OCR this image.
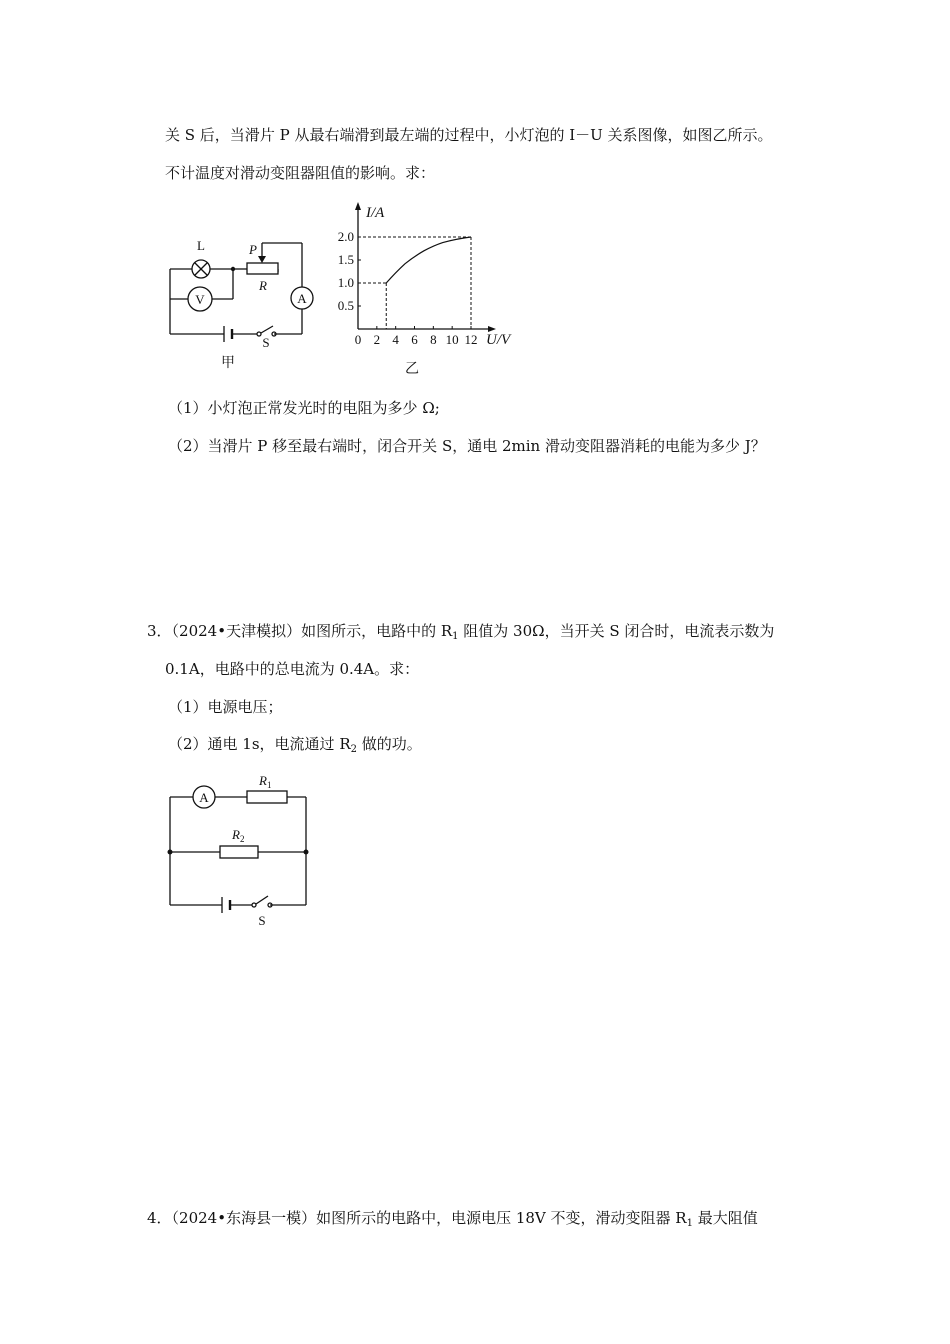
关 S 后，当滑片 P 从最右端滑到最左端的过程中，小灯泡的 I－U 关系图像，如图乙所示。
不计温度对滑动变阻器阻值的影响。求：
V	A
L	P
R
S
甲
0 2 4 6 8 10 12
0.5
1.0
1.5
2.0
I/A
U/V
乙
（1）小灯泡正常发光时的电阻为多少 Ω;
（2）当滑片 P 移至最右端时，闭合开关 S，通电 2min 滑动变阻器消耗的电能为多少 J？
3．（2024•天津模拟）如图所示，电路中的 $R_1$ 阻值为 30Ω，当开关 S 闭合时，电流表示数为
0.1A，电路中的总电流为 0.4A。求：
（1）电源电压；
（2）通电 1s，电流通过 $R_2$ 做的功。
A
$R_1$
$R_2$
S
4．（2024•东海县一模）如图所示的电路中，电源电压 18V 不变，滑动变阻器 $R_1$ 最大阻值
